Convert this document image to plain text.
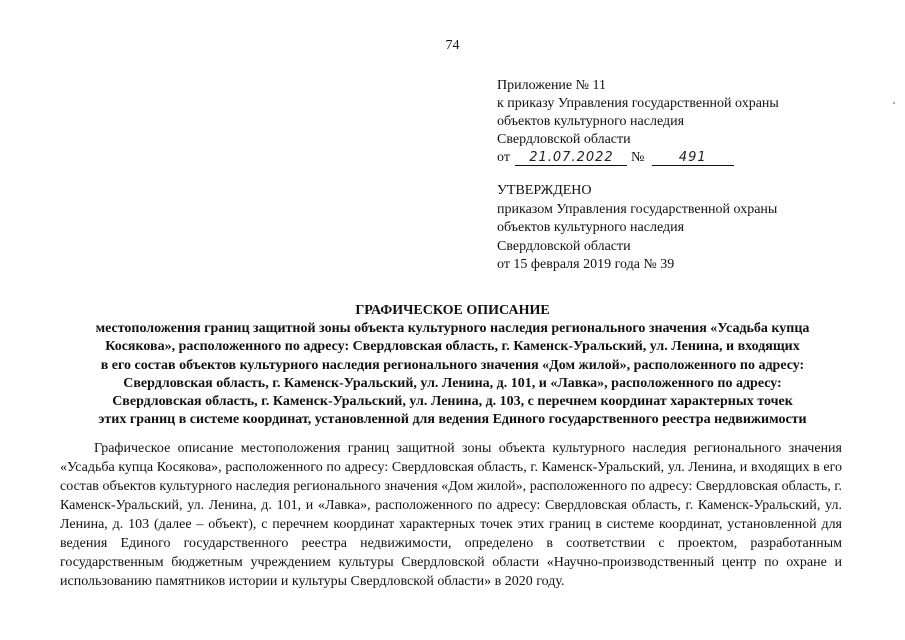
74
Приложение № 11
к приказу Управления государственной охраны
объектов культурного наследия
Свердловской области
от 21.07.2022 №	491
УТВЕРЖДЕНО
приказом Управления государственной охраны
объектов культурного наследия
Свердловской области
от 15 февраля 2019 года № 39
ГРАФИЧЕСКОЕ ОПИСАНИЕ
местоположения границ защитной зоны объекта культурного наследия регионального значения «Усадьба купца
Косякова», расположенного по адресу: Свердловская область, г. Каменск-Уральский, ул. Ленина, и входящих
в его состав объектов культурного наследия регионального значения «Дом жилой», расположенного по адресу:
Свердловская область, г. Каменск-Уральский, ул. Ленина, д. 101, и «Лавка», расположенного по адресу:
Свердловская область, г. Каменск-Уральский, ул. Ленина, д. 103, с перечнем координат характерных точек
этих границ в системе координат, установленной для ведения Единого государственного реестра недвижимости
Графическое описание местоположения границ защитной зоны объекта культурного наследия регионального значения «Усадьба купца Косякова», расположенного по адресу: Свердловская область, г. Каменск-Уральский, ул. Ленина, и входящих в его состав объектов культурного наследия регионального значения «Дом жилой», расположенного по адресу: Свердловская область, г. Каменск-Уральский, ул. Ленина, д. 101, и «Лавка», расположенного по адресу: Свердловская область, г. Каменск-Уральский, ул. Ленина, д. 103 (далее – объект), с перечнем координат характерных точек этих границ в системе координат, установленной для ведения Единого государственного реестра недвижимости, определено в соответствии с проектом, разработанным государственным бюджетным учреждением культуры Свердловской области «Научно-производственный центр по охране и использованию памятников истории и культуры Свердловской области» в 2020 году.
